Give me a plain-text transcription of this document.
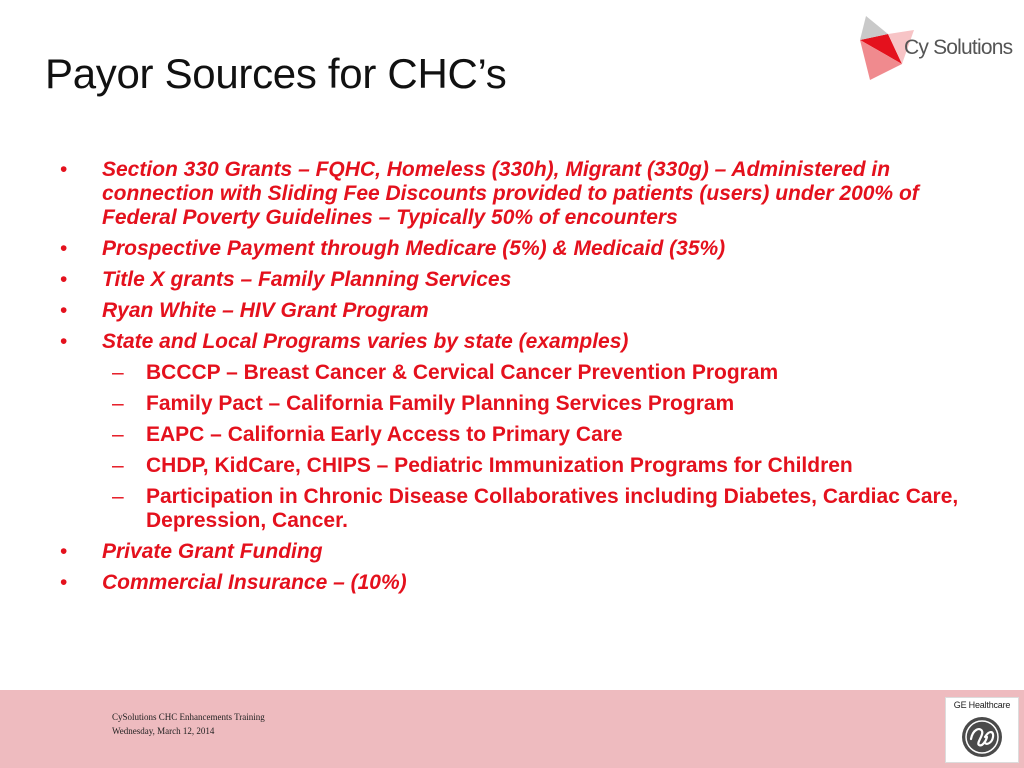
Cy Solutions
Payor Sources for CHC’s
•	Section 330 Grants – FQHC, Homeless (330h), Migrant (330g) – Administered in connection with Sliding Fee Discounts provided to patients (users) under 200% of Federal Poverty Guidelines – Typically 50% of encounters
•	Prospective Payment through Medicare (5%) & Medicaid (35%)
•	Title X grants – Family Planning Services
•	Ryan White – HIV Grant Program
•	State and Local Programs varies by state (examples)
–	BCCCP – Breast Cancer & Cervical Cancer Prevention Program
–	Family Pact – California Family Planning Services Program
–	EAPC – California Early Access to Primary Care
–	CHDP, KidCare, CHIPS – Pediatric Immunization Programs for Children
–	Participation in Chronic Disease Collaboratives including Diabetes, Cardiac Care, Depression, Cancer.
•	Private Grant Funding
•	Commercial Insurance – (10%)
CySolutions CHC Enhancements Training
Wednesday, March 12, 2014
GE Healthcare
